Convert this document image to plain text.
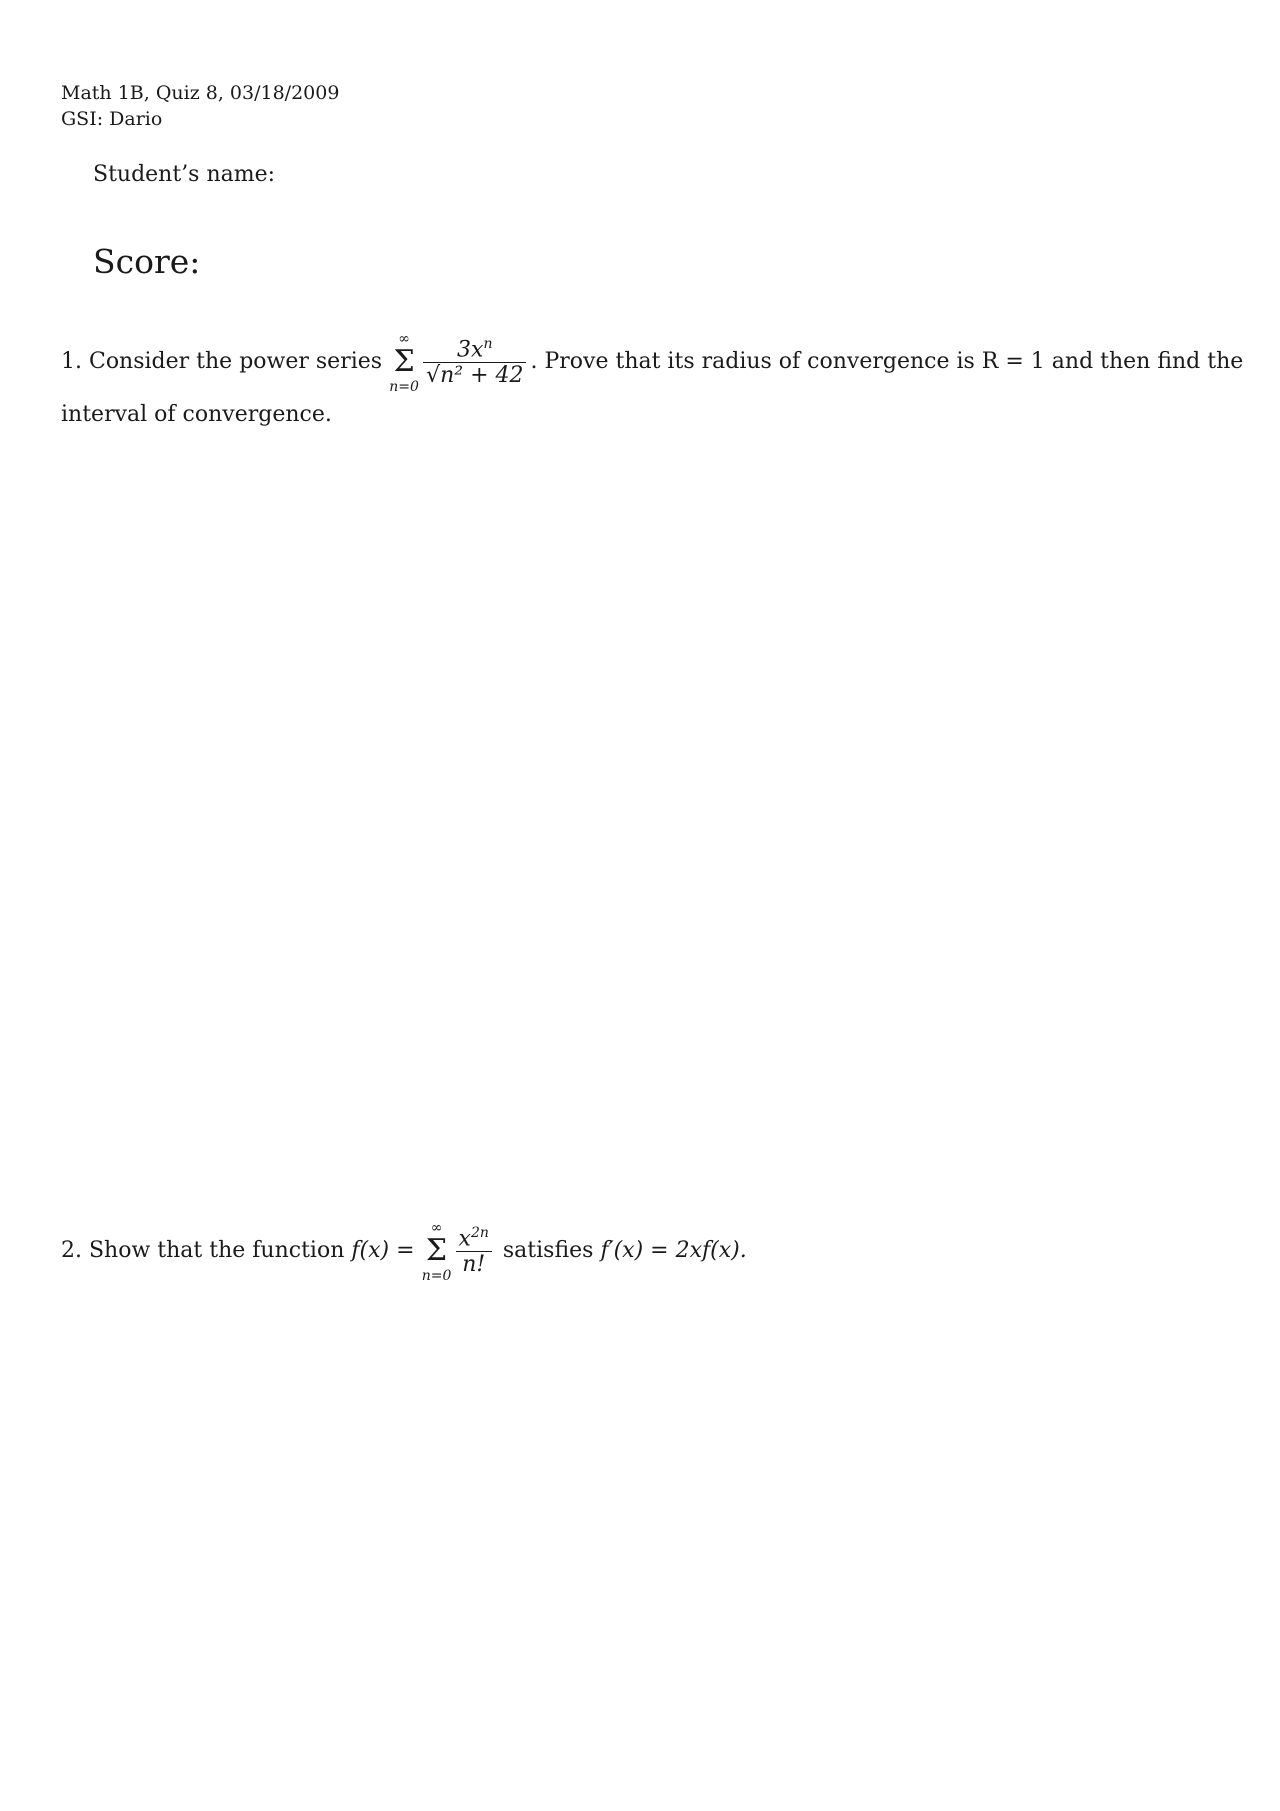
Math 1B, Quiz 8, 03/18/2009
GSI: Dario
Student’s name:
Score:
1. Consider the power series
∞
Σ
$n=0 \frac{3x^n}{\text{√n² + 42}}$ . Prove that its radius of convergence is R = 1 and then find the
interval of convergence.
2. Show that the function f(x) =
∞
Σ
$n=0 \frac{x^{2n}}{n!}$ satisfies f′(x) = 2xf(x).
